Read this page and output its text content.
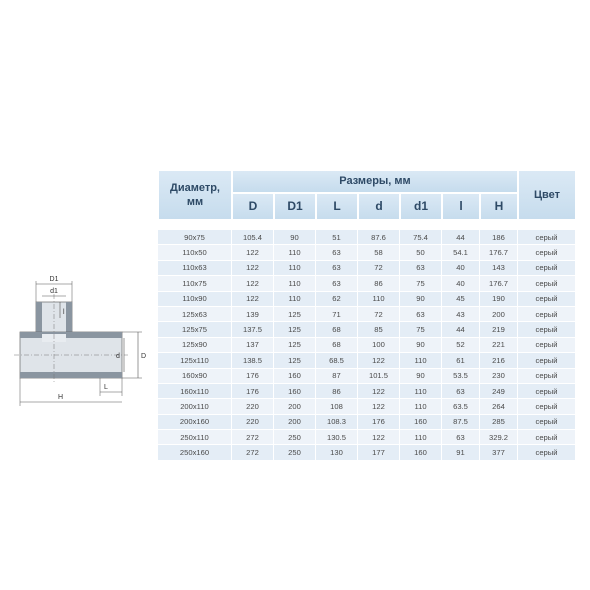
D1
d1
l
d	D
L
H
Диаметр,
мм	Размеры, мм							Цвет
	D	D1	L	d	d1	l	H	

90x75	105.4	90	51	87.6	75.4	44	186	серый
110x50	122	110	63	58	50	54.1	176.7	серый
110x63	122	110	63	72	63	40	143	серый
110x75	122	110	63	86	75	40	176.7	серый
110x90	122	110	62	110	90	45	190	серый
125x63	139	125	71	72	63	43	200	серый
125x75	137.5	125	68	85	75	44	219	серый
125x90	137	125	68	100	90	52	221	серый
125x110	138.5	125	68.5	122	110	61	216	серый
160x90	176	160	87	101.5	90	53.5	230	серый
160x110	176	160	86	122	110	63	249	серый
200x110	220	200	108	122	110	63.5	264	серый
200x160	220	200	108.3	176	160	87.5	285	серый
250x110	272	250	130.5	122	110	63	329.2	серый
250x160	272	250	130	177	160	91	377	серый
